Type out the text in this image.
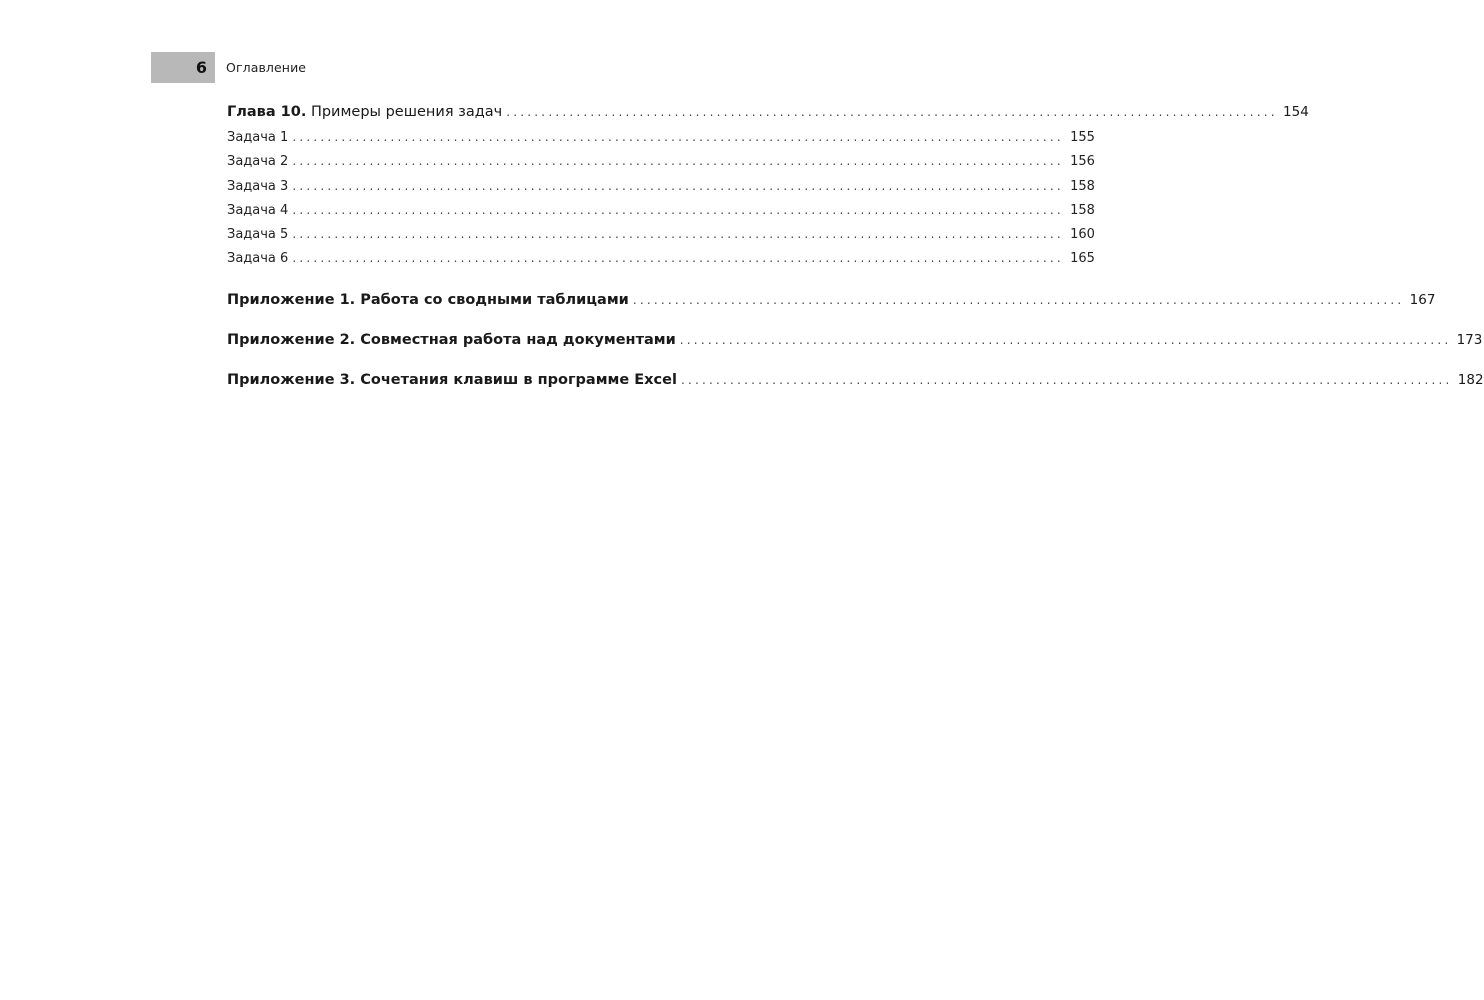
6 Оглавление
Глава 10. Примеры решения задач .............................................................................................................. 154
Задача 1 .............................................................................................................. 155
Задача 2 .............................................................................................................. 156
Задача 3 .............................................................................................................. 158
Задача 4 .............................................................................................................. 158
Задача 5 .............................................................................................................. 160
Задача 6 .............................................................................................................. 165
Приложение 1. Работа со сводными таблицами .............................................................................................................. 167
Приложение 2. Совместная работа над документами .............................................................................................................. 173
Приложение 3. Сочетания клавиш в программе Excel .............................................................................................................. 182
